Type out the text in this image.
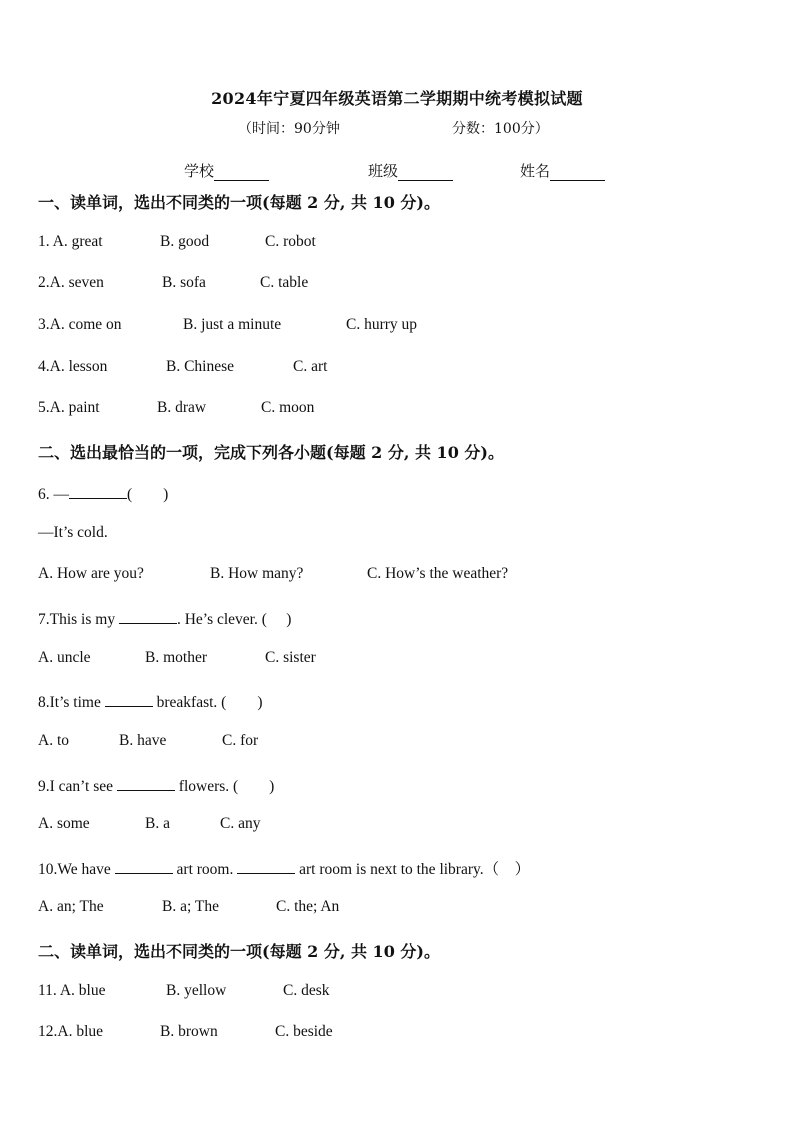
2024年宁夏四年级英语第二学期期中统考模拟试题
（时间：90分钟	分数：100分）
学校	班级	姓名
一、读单词，选出不同类的一项(每题 2 分, 共 10 分)。
1. A. great	B. good	C. robot
2.A. seven	B. sofa	C. table
3.A. come on	B. just a minute	C. hurry up
4.A. lesson	B. Chinese	C. art
5.A. paint	B. draw	C. moon
二、选出最恰当的一项，完成下列各小题(每题 2 分, 共 10 分)。
6. —	(　　)
—It’s cold.
A. How are you?	B. How many?	C. How’s the weather?
7.This is my	. He’s clever. (　 )
A. uncle	B. mother	C. sister
8.It’s time	breakfast. (　　)
A. to	B. have	C. for
9.I can’t see	flowers. (　　)
A. some	B. a	C. any
10.We have	art room.	art room is next to the library.（　）
A. an; The	B. a; The	C. the; An
二、读单词，选出不同类的一项(每题 2 分, 共 10 分)。
11. A. blue	B. yellow	C. desk
12.A. blue	B. brown	C. beside
